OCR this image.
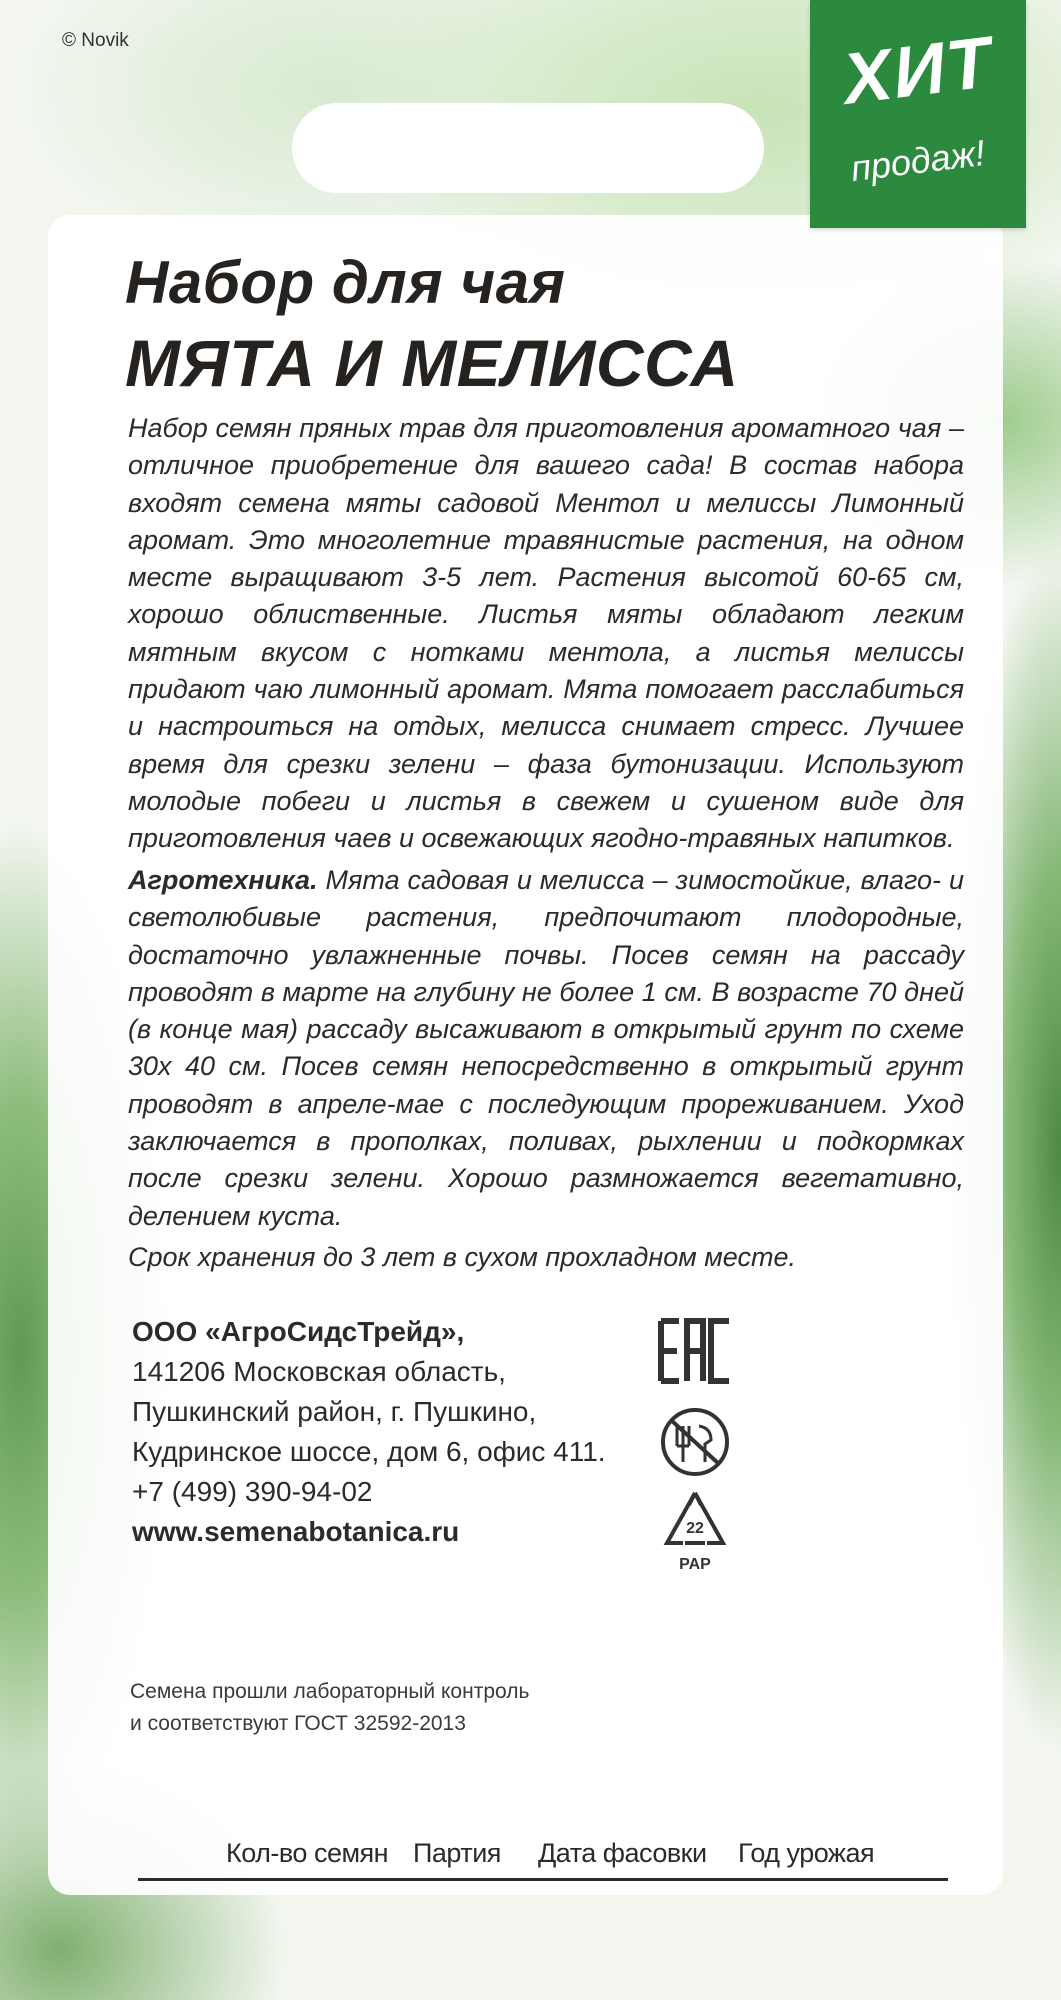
© Novik	ХИТ
продаж!
Набор для чая
МЯТА И МЕЛИССА

Набор семян пряных трав для приготовления ароматного чая – отличное приобретение для вашего сада! В состав набора входят семена мяты садовой Ментол и мелиссы Лимонный аромат. Это многолетние травянистые растения, на одном месте выращивают 3-5 лет. Растения высотой 60-65 см, хорошо облиственные. Листья мяты обладают легким мятным вкусом с нотками ментола, а листья мелиссы придают чаю лимонный аромат. Мята помогает расслабиться и настроиться на отдых, мелисса снимает стресс. Лучшее время для срезки зелени – фаза бутонизации. Используют молодые побеги и листья в свежем и сушеном виде для приготовления чаев и освежающих ягодно-травяных напитков.

Агротехника. Мята садовая и мелисса – зимостойкие, влаго- и светолюбивые растения, предпочитают плодородные, достаточно увлажненные почвы. Посев семян на рассаду проводят в марте на глубину не более 1 см. В возрасте 70 дней (в конце мая) рассаду высаживают в открытый грунт по схеме 30х 40 см. Посев семян непосредственно в открытый грунт проводят в апреле-мае с последующим прореживанием. Уход заключается в прополках, поливах, рыхлении и подкормках после срезки зелени. Хорошо размножается вегетативно, делением куста.

Срок хранения до 3 лет в сухом прохладном месте.
ООО «АгроСидсТрейд»,
141206 Московская область,
Пушкинский район, г. Пушкино,
Кудринское шоссе, дом 6, офис 411.
+7 (499) 390-94-02
www.semenabotanica.ru
	22
PAP
Семена прошли лабораторный контроль
и соответствуют ГОСТ 32592-2013
Кол-во семян Партия Дата фасовки Год урожая
